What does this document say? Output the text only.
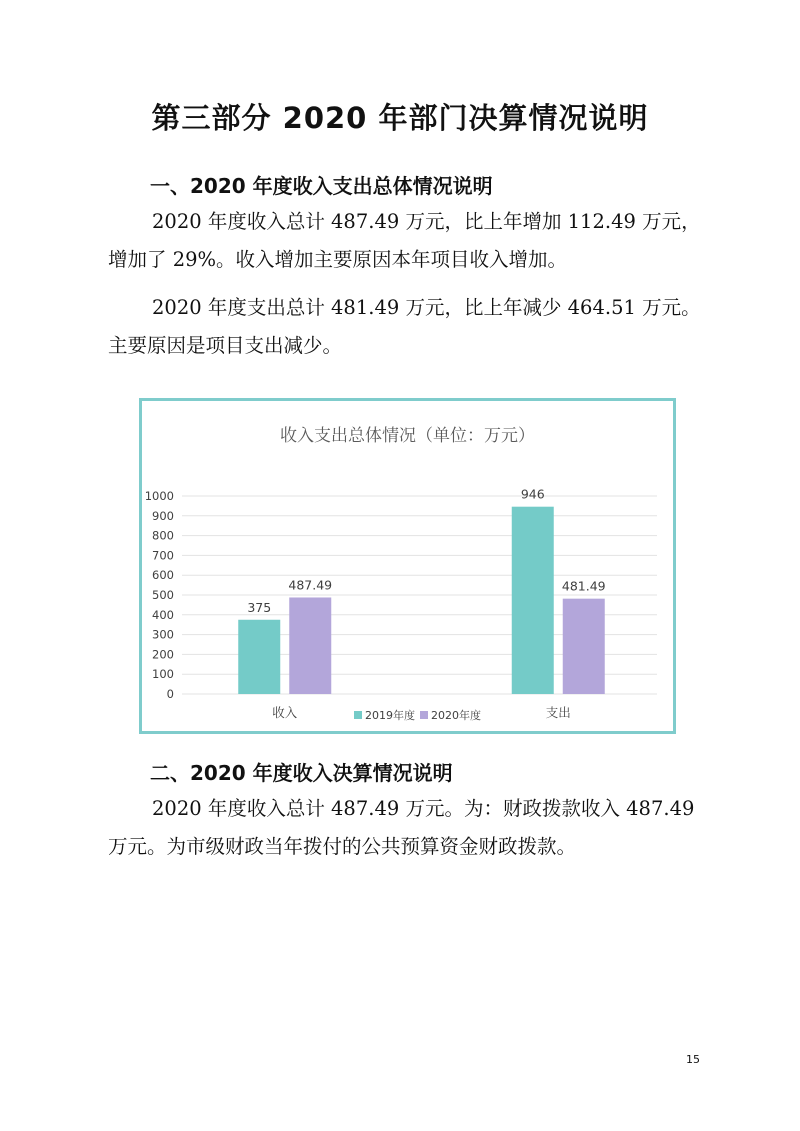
第三部分 2020 年部门决算情况说明
一、2020 年度收入支出总体情况说明

2020 年度收入总计 487.49 万元，比上年增加 112.49 万元，增加了 29%。收入增加主要原因本年项目收入增加。

2020 年度支出总计 481.49 万元，比上年减少 464.51 万元。主要原因是项目支出减少。

收入支出总体情况（单位：万元）
0
100
200
300
400
500
600
700
800
900
1000
375
487.49
收入
946
481.49
支出
2019年度 2020年度
二、2020 年度收入决算情况说明

2020 年度收入总计 487.49 万元。为：财政拨款收入 487.49 万元。为市级财政当年拨付的公共预算资金财政拨款。

15
